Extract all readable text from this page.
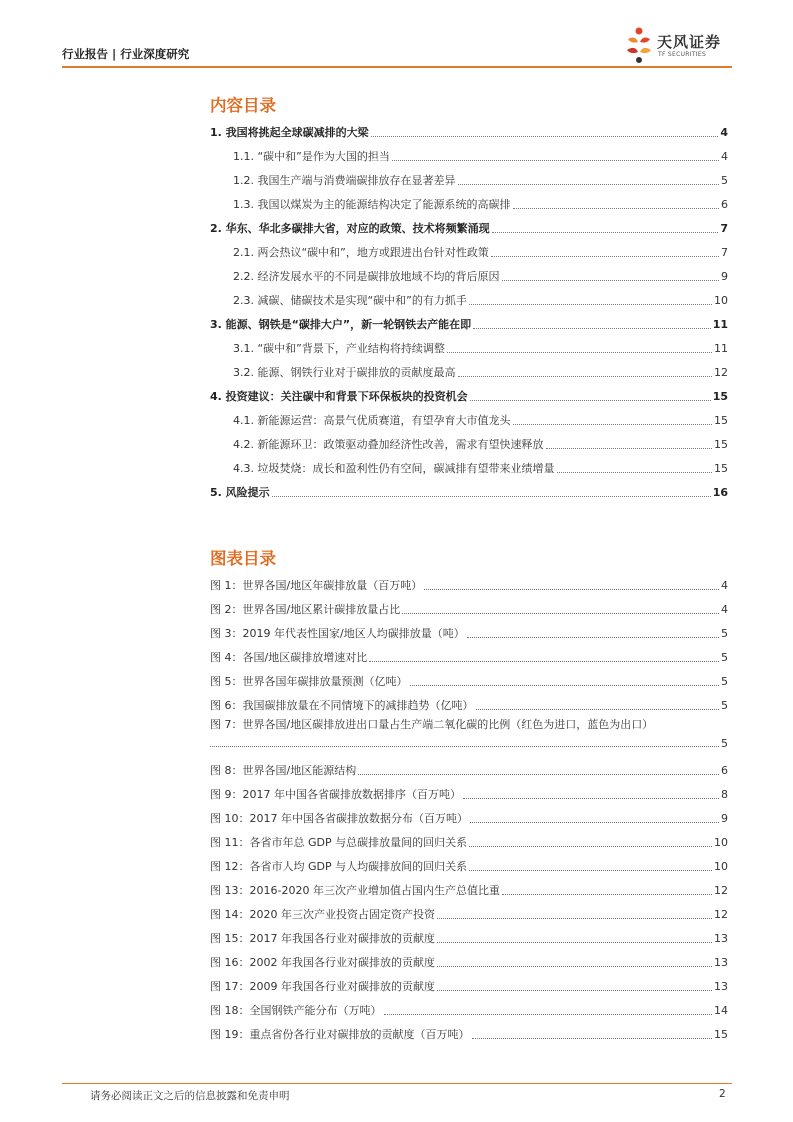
行业报告 | 行业深度研究
天风证券
TF SECURITIES
内容目录
1. 我国将挑起全球碳减排的大梁	4
1.1. “碳中和”是作为大国的担当	4
1.2. 我国生产端与消费端碳排放存在显著差异	5
1.3. 我国以煤炭为主的能源结构决定了能源系统的高碳排	6
2. 华东、华北多碳排大省，对应的政策、技术将频繁涌现	7
2.1. 两会热议“碳中和”，地方或跟进出台针对性政策	7
2.2. 经济发展水平的不同是碳排放地域不均的背后原因	9
2.3. 减碳、储碳技术是实现“碳中和”的有力抓手	10
3. 能源、钢铁是“碳排大户”，新一轮钢铁去产能在即	11
3.1. “碳中和”背景下，产业结构将持续调整	11
3.2. 能源、钢铁行业对于碳排放的贡献度最高	12
4. 投资建议：关注碳中和背景下环保板块的投资机会	15
4.1. 新能源运营：高景气优质赛道，有望孕育大市值龙头	15
4.2. 新能源环卫：政策驱动叠加经济性改善，需求有望快速释放	15
4.3. 垃圾焚烧：成长和盈利性仍有空间，碳减排有望带来业绩增量	15
5. 风险提示	16
图表目录
图 1：世界各国/地区年碳排放量（百万吨）	4
图 2：世界各国/地区累计碳排放量占比	4
图 3：2019 年代表性国家/地区人均碳排放量（吨）	5
图 4：各国/地区碳排放增速对比	5
图 5：世界各国年碳排放量预测（亿吨）	5
图 6：我国碳排放量在不同情境下的减排趋势（亿吨）	5
图 7：世界各国/地区碳排放进出口量占生产端二氧化碳的比例（红色为进口，蓝色为出口）
5
图 8：世界各国/地区能源结构	6
图 9：2017 年中国各省碳排放数据排序（百万吨）	8
图 10：2017 年中国各省碳排放数据分布（百万吨）	9
图 11：各省市年总 GDP 与总碳排放量间的回归关系	10
图 12：各省市人均 GDP 与人均碳排放间的回归关系	10
图 13：2016-2020 年三次产业增加值占国内生产总值比重	12
图 14：2020 年三次产业投资占固定资产投资	12
图 15：2017 年我国各行业对碳排放的贡献度	13
图 16：2002 年我国各行业对碳排放的贡献度	13
图 17：2009 年我国各行业对碳排放的贡献度	13
图 18：全国钢铁产能分布（万吨）	14
图 19：重点省份各行业对碳排放的贡献度（百万吨）	15
请务必阅读正文之后的信息披露和免责申明	2
